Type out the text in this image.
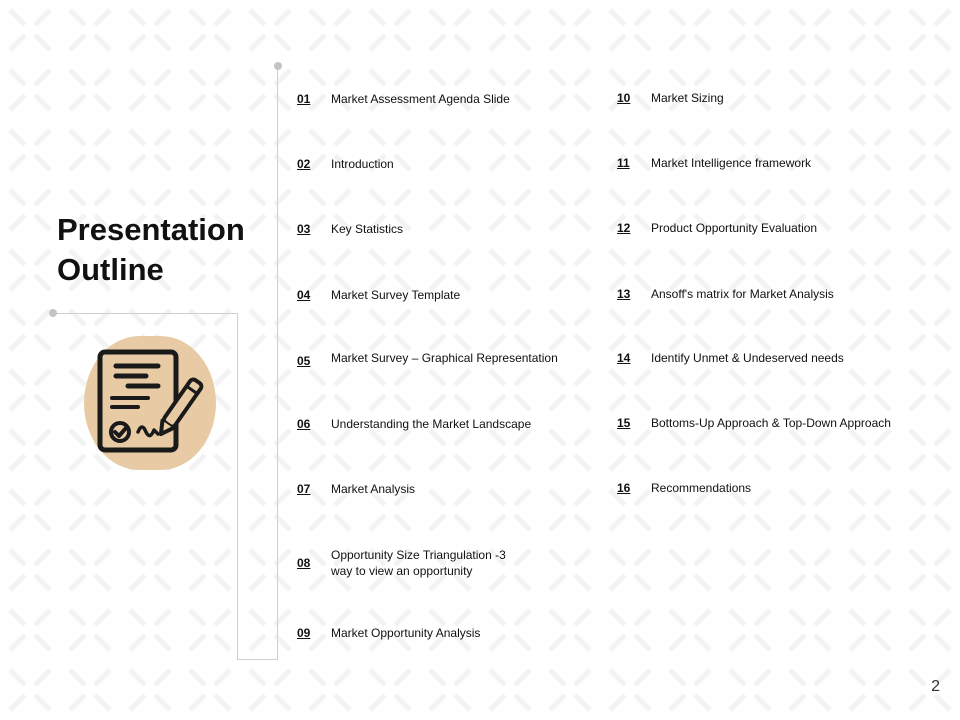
Presentation
Outline
01	Market Assessment Agenda Slide
02	Introduction
03	Key Statistics
04	Market Survey Template
05	Market Survey – Graphical Representation
06	Understanding the Market Landscape
07	Market Analysis
08
Opportunity Size Triangulation -3
way to view an opportunity
09	Market Opportunity Analysis
10	Market Sizing
11	Market Intelligence framework
12	Product Opportunity Evaluation
13	Ansoff's matrix for Market Analysis
14	Identify Unmet & Undeserved needs
15	Bottoms-Up Approach & Top-Down Approach
16	Recommendations
2
